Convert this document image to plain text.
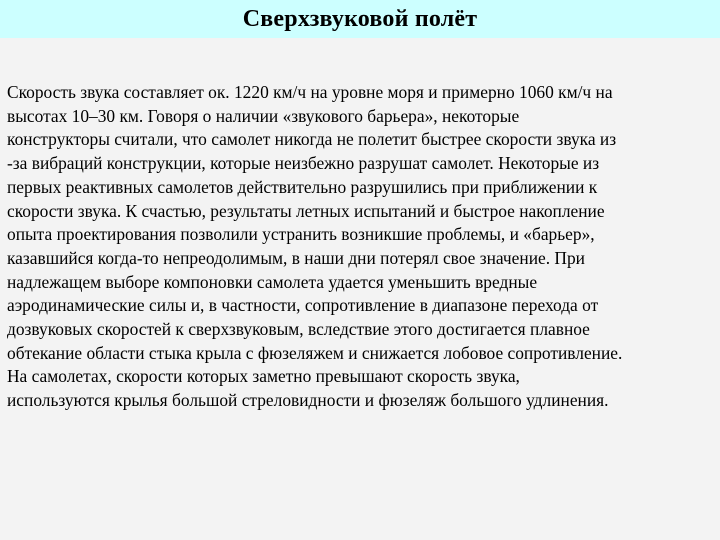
Сверхзвуковой полёт

Скорость звука составляет ок. 1220 км/ч на уровне моря и примерно 1060 км/ч на
высотах 10–30 км. Говоря о наличии «звукового барьера», некоторые
конструкторы считали, что самолет никогда не полетит быстрее скорости звука из
-за вибраций конструкции, которые неизбежно разрушат самолет. Некоторые из
первых реактивных самолетов действительно разрушились при приближении к
скорости звука. К счастью, результаты летных испытаний и быстрое накопление
опыта проектирования позволили устранить возникшие проблемы, и «барьер»,
казавшийся когда-то непреодолимым, в наши дни потерял свое значение. При
надлежащем выборе компоновки самолета удается уменьшить вредные
аэродинамические силы и, в частности, сопротивление в диапазоне перехода от
дозвуковых скоростей к сверхзвуковым, вследствие этого достигается плавное
обтекание области стыка крыла с фюзеляжем и снижается лобовое сопротивление.
На самолетах, скорости которых заметно превышают скорость звука,
используются крылья большой стреловидности и фюзеляж большого удлинения.
